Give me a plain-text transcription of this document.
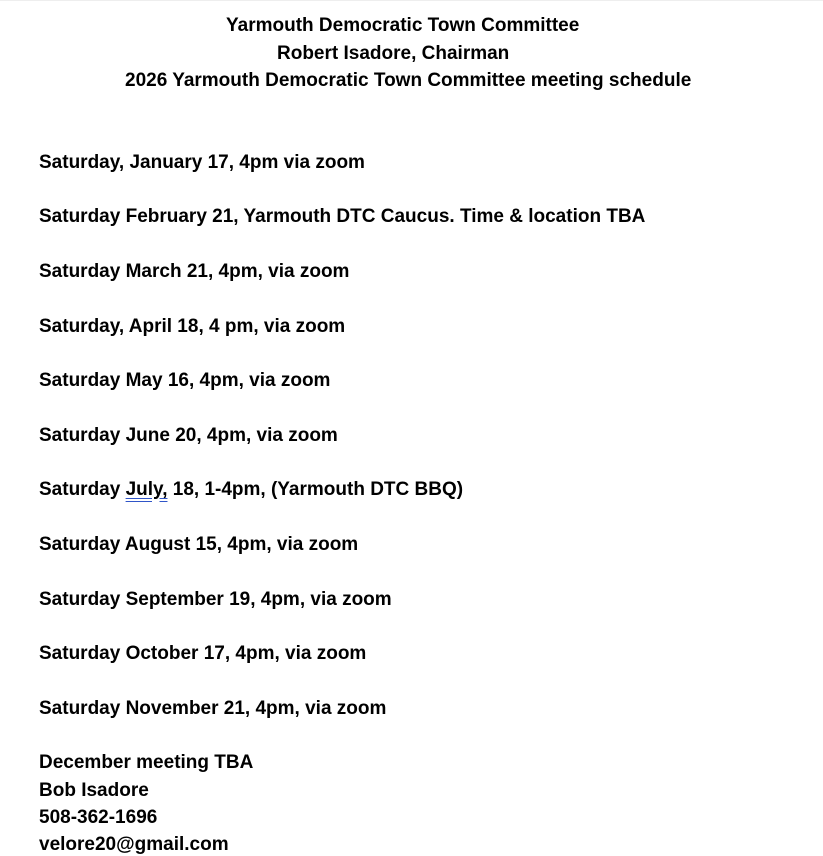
Yarmouth Democratic Town Committee
Robert Isadore, Chairman
2026 Yarmouth Democratic Town Committee meeting schedule
Saturday, January 17, 4pm via zoom
Saturday February 21, Yarmouth DTC Caucus. Time & location TBA
Saturday March 21, 4pm, via zoom
Saturday, April 18, 4 pm, via zoom
Saturday May 16, 4pm, via zoom
Saturday June 20, 4pm, via zoom
Saturday July, 18, 1-4pm, (Yarmouth DTC BBQ)
Saturday August 15, 4pm, via zoom
Saturday September 19, 4pm, via zoom
Saturday October 17, 4pm, via zoom
Saturday November 21, 4pm, via zoom
December meeting TBA
Bob Isadore
508-362-1696
velore20@gmail.com
